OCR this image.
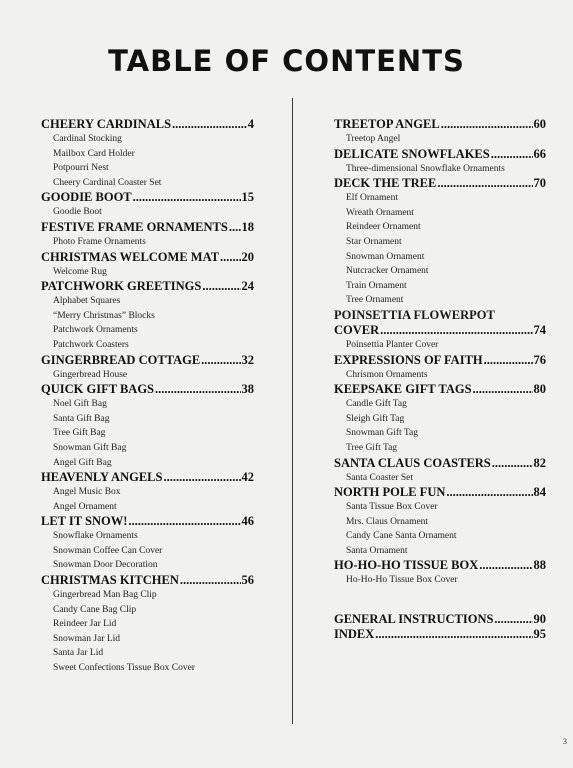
TABLE OF CONTENTS
CHEERY CARDINALS .....	4
Cardinal Stocking
Mailbox Card Holder
Potpourri Nest
Cheery Cardinal Coaster Set
GOODIE BOOT .....	15
Goodie Boot
FESTIVE FRAME ORNAMENTS ..... 18
Photo Frame Ornaments
CHRISTMAS WELCOME MAT ..... 20
Welcome Rug
PATCHWORK GREETINGS .....	24
Alphabet Squares
“Merry Christmas” Blocks
Patchwork Ornaments
Patchwork Coasters
GINGERBREAD COTTAGE .....	32
Gingerbread House
QUICK GIFT BAGS .....	38
Noel Gift Bag
Santa Gift Bag
Tree Gift Bag
Snowman Gift Bag
Angel Gift Bag
HEAVENLY ANGELS .....	42
Angel Music Box
Angel Ornament
LET IT SNOW! .....	46
Snowflake Ornaments
Snowman Coffee Can Cover
Snowman Door Decoration
CHRISTMAS KITCHEN .....	56
Gingerbread Man Bag Clip
Candy Cane Bag Clip
Reindeer Jar Lid
Snowman Jar Lid
Santa Jar Lid
Sweet Confections Tissue Box Cover
TREETOP ANGEL .....	60
Treetop Angel
DELICATE SNOWFLAKES .....	66
Three-dimensional Snowflake Ornaments
DECK THE TREE .....	70
Elf Ornament
Wreath Ornament
Reindeer Ornament
Star Ornament
Snowman Ornament
Nutcracker Ornament
Train Ornament
Tree Ornament
POINSETTIA FLOWERPOT
COVER .....	74
Poinsettia Planter Cover
EXPRESSIONS OF FAITH .....	76
Chrismon Ornaments
KEEPSAKE GIFT TAGS .....	80
Candle Gift Tag
Sleigh Gift Tag
Snowman Gift Tag
Tree Gift Tag
SANTA CLAUS COASTERS .....	82
Santa Coaster Set
NORTH POLE FUN .....	84
Santa Tissue Box Cover
Mrs. Claus Ornament
Candy Cane Santa Ornament
Santa Ornament
HO-HO-HO TISSUE BOX .....	88
Ho-Ho-Ho Tissue Box Cover
GENERAL INSTRUCTIONS .....	90
INDEX .....	95
3
